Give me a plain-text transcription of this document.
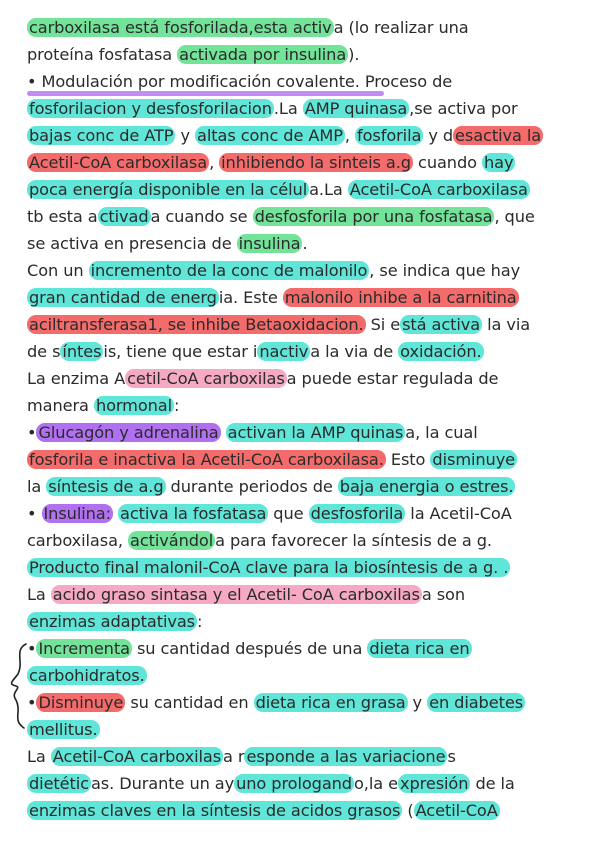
carboxilasa está fosforilada,esta activ a (lo realizar una
proteína fosfatasa activada por insulina ).
• Modulación por modificación covalente. Proceso de
fosforilacion y desfosforilacion .La AMP quinasa ,se activa por
bajas conc de ATP y altas conc de AMP , fosforila y d esactiva la
Acetil-CoA carboxilasa , inhibiendo la sinteis a.g cuando hay
poca energía disponible en la célul a.La Acetil-CoA carboxilasa
tb esta a ctivad a cuando se desfosforila por una fosfatasa , que
se activa en presencia de insulina .
Con un incremento de la conc de malonilo , se indica que hay
gran cantidad de energ ia. Este malonilo inhibe a la carnitina
aciltransferasa1, se inhibe Betaoxidacion. Si e stá activa la via
de s íntes is, tiene que estar i nactiv a la via de oxidación.
La enzima A cetil-CoA carboxilas a puede estar regulada de
manera hormonal :
• Glucagón y adrenalina activan la AMP quinas a, la cual
fosforila e inactiva la Acetil-CoA carboxilasa. Esto disminuye
la síntesis de a.g durante periodos de baja energia o estres.
• Insulina: activa la fosfatasa que desfosforila la Acetil-CoA
carboxilasa, activándol a para favorecer la síntesis de a g.
Producto final malonil-CoA clave para la biosíntesis de a g. .
La acido graso sintasa y el Acetil- CoA carboxilas a son
enzimas adaptativas :
• Incrementa su cantidad después de una dieta rica en
carbohidratos.
• Disminuye su cantidad en dieta rica en grasa y en diabetes
mellitus.
La Acetil-CoA carboxilas a r esponde a las variacione s
dietétic as. Durante un ay uno prologand o,la e xpresión de la
enzimas claves en la síntesis de acidos grasos ( Acetil-CoA
